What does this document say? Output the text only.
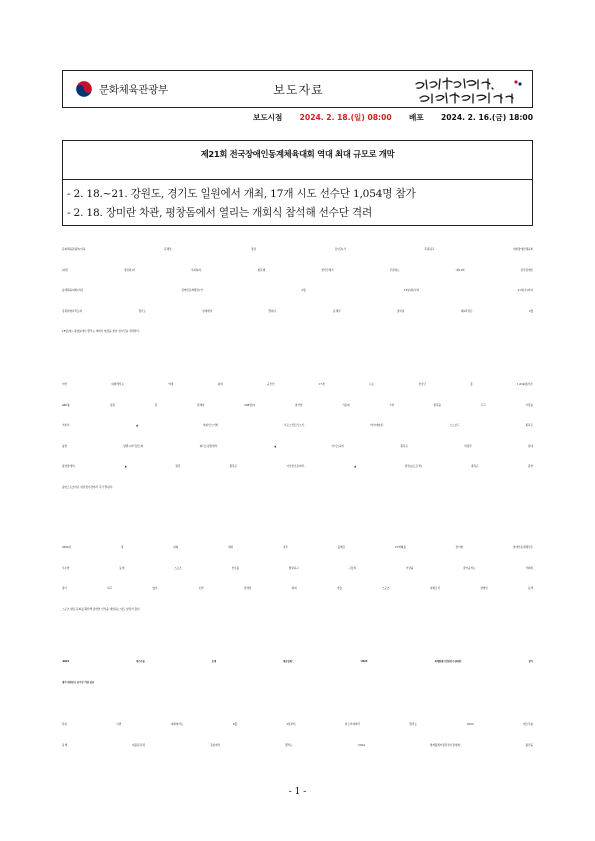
문화체육관광부	보도자료
보도시점 2024. 2. 18.(일) 08:00 배포 2024. 2. 16.(금) 18:00
제21회 전국장애인동계체육대회 역대 최대 규모로 개막
- 2. 18.~21. 강원도, 경기도 일원에서 개최, 17개 시도 선수단 1,054명 참가
- 2. 18. 장미란 차관, 평창돔에서 열리는 개회식 참석해 선수단 격려
문화체육관광부(이하 문체부, 장관 유인촌)가 후원하고 대한장애인체육회
(회장 정진완)가 주최하며, 종목별 경기단체가 주관하는 '제21회 전국장애인
동계체육대회(이하 장애인동계체전)'가 2월 18일(일)부터 21일(수)까지
강원특별자치도와 경기도 일대에서 열린다. 문체부 장미란 제2차관은 2월
18일(일), 평창돔에서 열리는 개회식 현장을 찾아 선수단을 격려한다.
이번 대회에서는 역대 최대 규모인 17개 시도 선수단 총 1,054명(선수
486명, 임원 및 관계자 568명)이 참가한 가운데 7개 종목을 두고 기량을
겨룬다. ▲알파인스키와 크로스컨트리스키, 바이애슬론, 스노보드 종목은
평창 알펜시아리조트와 휘닉스평창에서, ▲아이스하키 종목은 의정부 실내
빙상장에서, ▲컬링 종목은 이천선수촌에서, ▲빙상(쇼트트랙) 종목은 춘천
송암스포츠타운 빙상경기장에서 각각 열린다.
2004년 첫 대회 개최 이후 올해로 21회째를 맞이한 장애인동계체전은
우수한 동계 스포츠 선수를 발굴하고 그들의 기량을 끌어올리는 기회의
장이 되고 있다. 또한 장애인 최대 겨울 스포츠 대회로서 장애인 동계
스포츠 향유 문화를 확산해 장애인 인식을 개선하는 데도 앞장서 왔다.
'2023 에르주룸 동계 데플림픽', '2024 세계휠체어컬링선수권대회' 참가
대비 대한민국 선수단 기량 점검
특히 이번 대회에서는 3월 2일부터 튀르키예에서 열리는 '2023 에르주룸
동계 데플림픽'과 강릉에서 열리는 '2024 세계휠체어컬링선수권대회' 출전을
- 1 -
